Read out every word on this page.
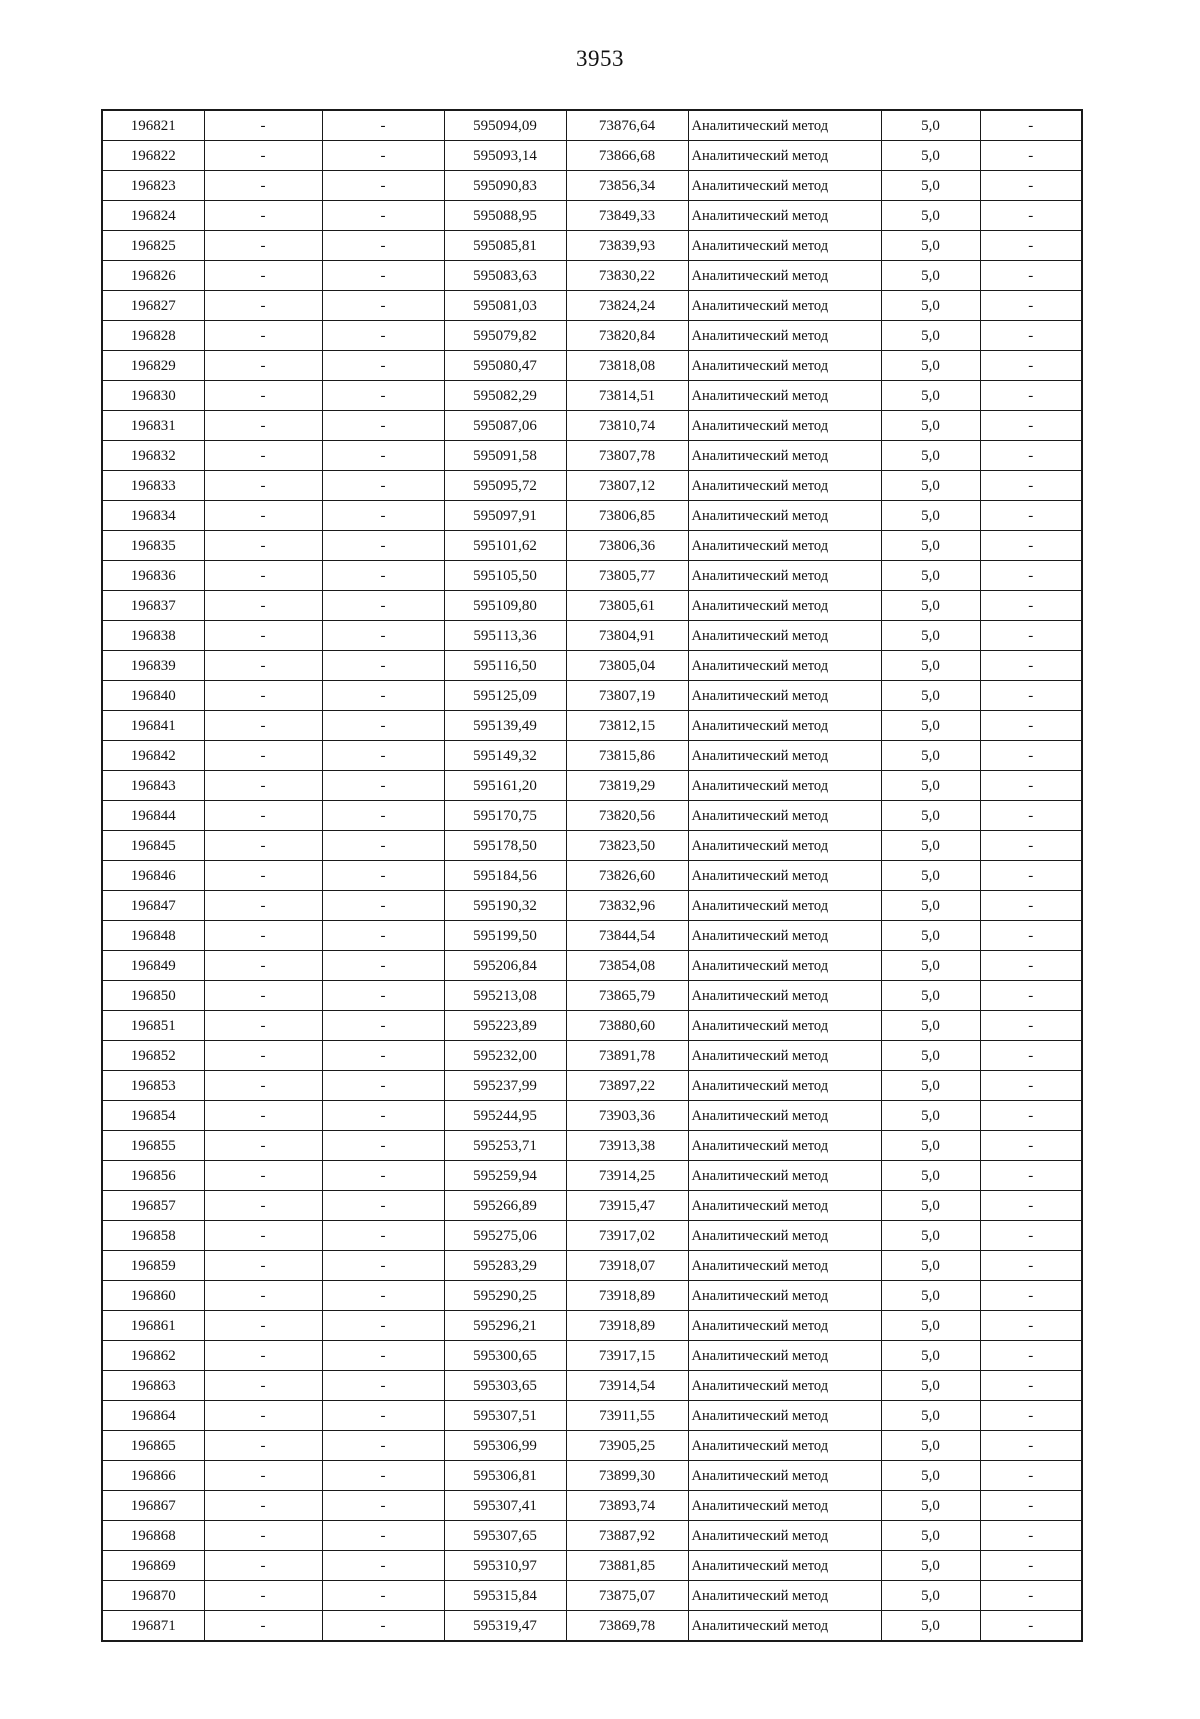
3953
196821	-	-	595094,09	73876,64	Аналитический метод	5,0	-
196822	-	-	595093,14	73866,68	Аналитический метод	5,0	-
196823	-	-	595090,83	73856,34	Аналитический метод	5,0	-
196824	-	-	595088,95	73849,33	Аналитический метод	5,0	-
196825	-	-	595085,81	73839,93	Аналитический метод	5,0	-
196826	-	-	595083,63	73830,22	Аналитический метод	5,0	-
196827	-	-	595081,03	73824,24	Аналитический метод	5,0	-
196828	-	-	595079,82	73820,84	Аналитический метод	5,0	-
196829	-	-	595080,47	73818,08	Аналитический метод	5,0	-
196830	-	-	595082,29	73814,51	Аналитический метод	5,0	-
196831	-	-	595087,06	73810,74	Аналитический метод	5,0	-
196832	-	-	595091,58	73807,78	Аналитический метод	5,0	-
196833	-	-	595095,72	73807,12	Аналитический метод	5,0	-
196834	-	-	595097,91	73806,85	Аналитический метод	5,0	-
196835	-	-	595101,62	73806,36	Аналитический метод	5,0	-
196836	-	-	595105,50	73805,77	Аналитический метод	5,0	-
196837	-	-	595109,80	73805,61	Аналитический метод	5,0	-
196838	-	-	595113,36	73804,91	Аналитический метод	5,0	-
196839	-	-	595116,50	73805,04	Аналитический метод	5,0	-
196840	-	-	595125,09	73807,19	Аналитический метод	5,0	-
196841	-	-	595139,49	73812,15	Аналитический метод	5,0	-
196842	-	-	595149,32	73815,86	Аналитический метод	5,0	-
196843	-	-	595161,20	73819,29	Аналитический метод	5,0	-
196844	-	-	595170,75	73820,56	Аналитический метод	5,0	-
196845	-	-	595178,50	73823,50	Аналитический метод	5,0	-
196846	-	-	595184,56	73826,60	Аналитический метод	5,0	-
196847	-	-	595190,32	73832,96	Аналитический метод	5,0	-
196848	-	-	595199,50	73844,54	Аналитический метод	5,0	-
196849	-	-	595206,84	73854,08	Аналитический метод	5,0	-
196850	-	-	595213,08	73865,79	Аналитический метод	5,0	-
196851	-	-	595223,89	73880,60	Аналитический метод	5,0	-
196852	-	-	595232,00	73891,78	Аналитический метод	5,0	-
196853	-	-	595237,99	73897,22	Аналитический метод	5,0	-
196854	-	-	595244,95	73903,36	Аналитический метод	5,0	-
196855	-	-	595253,71	73913,38	Аналитический метод	5,0	-
196856	-	-	595259,94	73914,25	Аналитический метод	5,0	-
196857	-	-	595266,89	73915,47	Аналитический метод	5,0	-
196858	-	-	595275,06	73917,02	Аналитический метод	5,0	-
196859	-	-	595283,29	73918,07	Аналитический метод	5,0	-
196860	-	-	595290,25	73918,89	Аналитический метод	5,0	-
196861	-	-	595296,21	73918,89	Аналитический метод	5,0	-
196862	-	-	595300,65	73917,15	Аналитический метод	5,0	-
196863	-	-	595303,65	73914,54	Аналитический метод	5,0	-
196864	-	-	595307,51	73911,55	Аналитический метод	5,0	-
196865	-	-	595306,99	73905,25	Аналитический метод	5,0	-
196866	-	-	595306,81	73899,30	Аналитический метод	5,0	-
196867	-	-	595307,41	73893,74	Аналитический метод	5,0	-
196868	-	-	595307,65	73887,92	Аналитический метод	5,0	-
196869	-	-	595310,97	73881,85	Аналитический метод	5,0	-
196870	-	-	595315,84	73875,07	Аналитический метод	5,0	-
196871	-	-	595319,47	73869,78	Аналитический метод	5,0	-
